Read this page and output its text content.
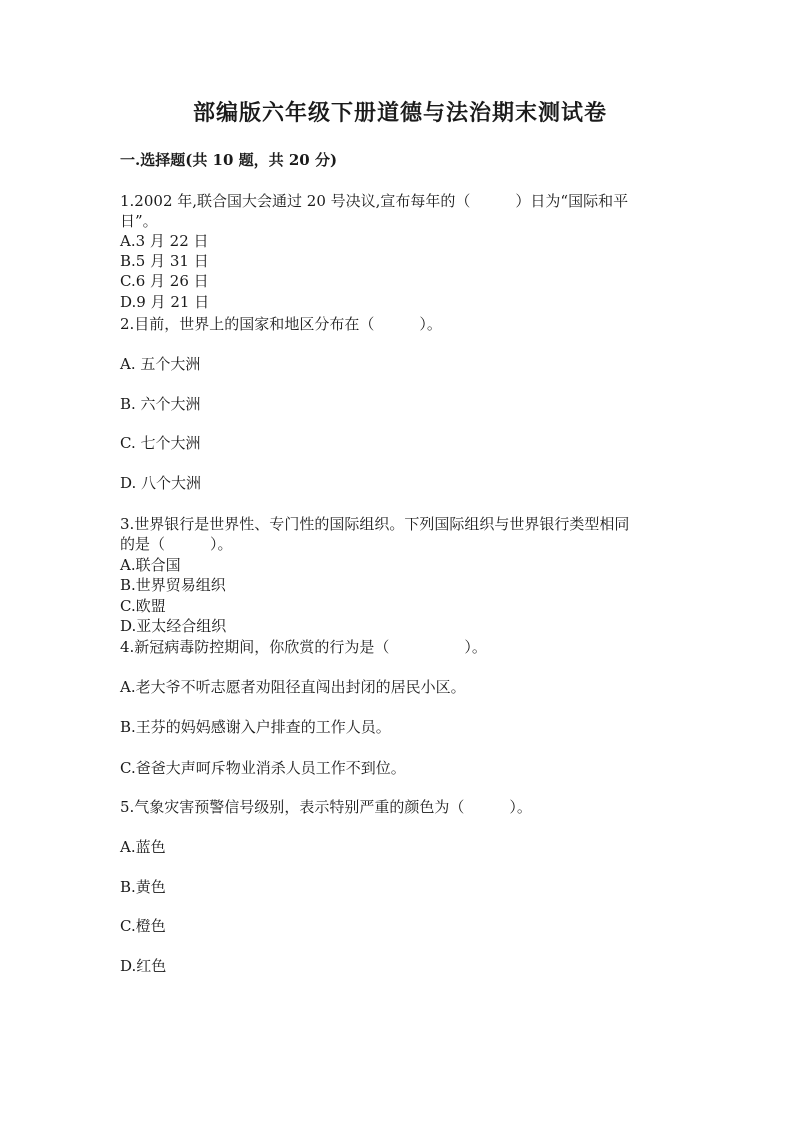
部编版六年级下册道德与法治期末测试卷
一.选择题(共 10 题，共 20 分)
1.2002 年,联合国大会通过 20 号决议,宣布每年的（　　　）日为“国际和平
日”。
A.3 月 22 日
B.5 月 31 日
C.6 月 26 日
D.9 月 21 日
2.目前，世界上的国家和地区分布在（　　　）。
A. 五个大洲
B. 六个大洲
C. 七个大洲
D. 八个大洲
3.世界银行是世界性、专门性的国际组织。下列国际组织与世界银行类型相同
的是（　　　）。
A.联合国
B.世界贸易组织
C.欧盟
D.亚太经合组织
4.新冠病毒防控期间，你欣赏的行为是（　　　　　）。
A.老大爷不听志愿者劝阻径直闯出封闭的居民小区。
B.王芬的妈妈感谢入户排查的工作人员。
C.爸爸大声呵斥物业消杀人员工作不到位。
5.气象灾害预警信号级别，表示特别严重的颜色为（　　　）。
A.蓝色
B.黄色
C.橙色
D.红色
